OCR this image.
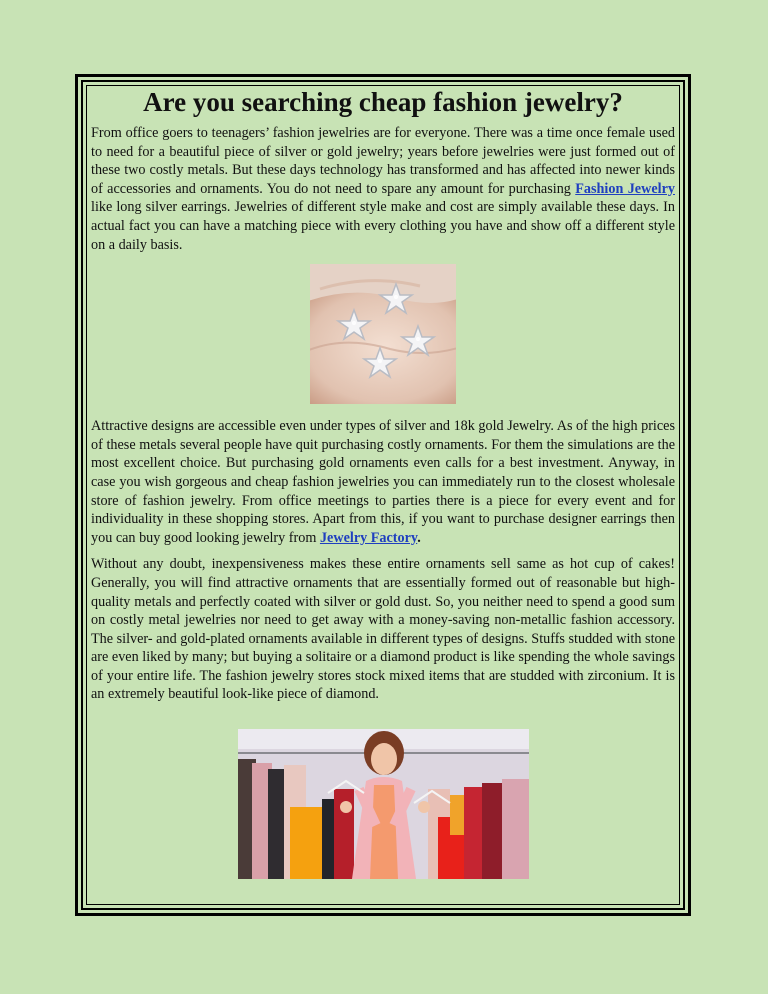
Are you searching cheap fashion jewelry?

From office goers to teenagers’ fashion jewelries are for everyone. There was a time once female used to need for a beautiful piece of silver or gold jewelry; years before jewelries were just formed out of these two costly metals. But these days technology has transformed and has affected into newer kinds of accessories and ornaments. You do not need to spare any amount for purchasing Fashion Jewelry like long silver earrings. Jewelries of different style make and cost are simply available these days. In actual fact you can have a matching piece with every clothing you have and show off a different style on a daily basis.

Attractive designs are accessible even under types of silver and 18k gold Jewelry. As of the high prices of these metals several people have quit purchasing costly ornaments. For them the simulations are the most excellent choice. But purchasing gold ornaments even calls for a best investment. Anyway, in case you wish gorgeous and cheap fashion jewelries you can immediately run to the closest wholesale store of fashion jewelry. From office meetings to parties there is a piece for every event and for individuality in these shopping stores. Apart from this, if you want to purchase designer earrings then you can buy good looking jewelry from Jewelry Factory.

Without any doubt, inexpensiveness makes these entire ornaments sell same as hot cup of cakes! Generally, you will find attractive ornaments that are essentially formed out of reasonable but high-quality metals and perfectly coated with silver or gold dust. So, you neither need to spend a good sum on costly metal jewelries nor need to get away with a money-saving non-metallic fashion accessory. The silver- and gold-plated ornaments available in different types of designs. Stuffs studded with stone are even liked by many; but buying a solitaire or a diamond product is like spending the whole savings of your entire life. The fashion jewelry stores stock mixed items that are studded with zirconium. It is an extremely beautiful look-like piece of diamond.
